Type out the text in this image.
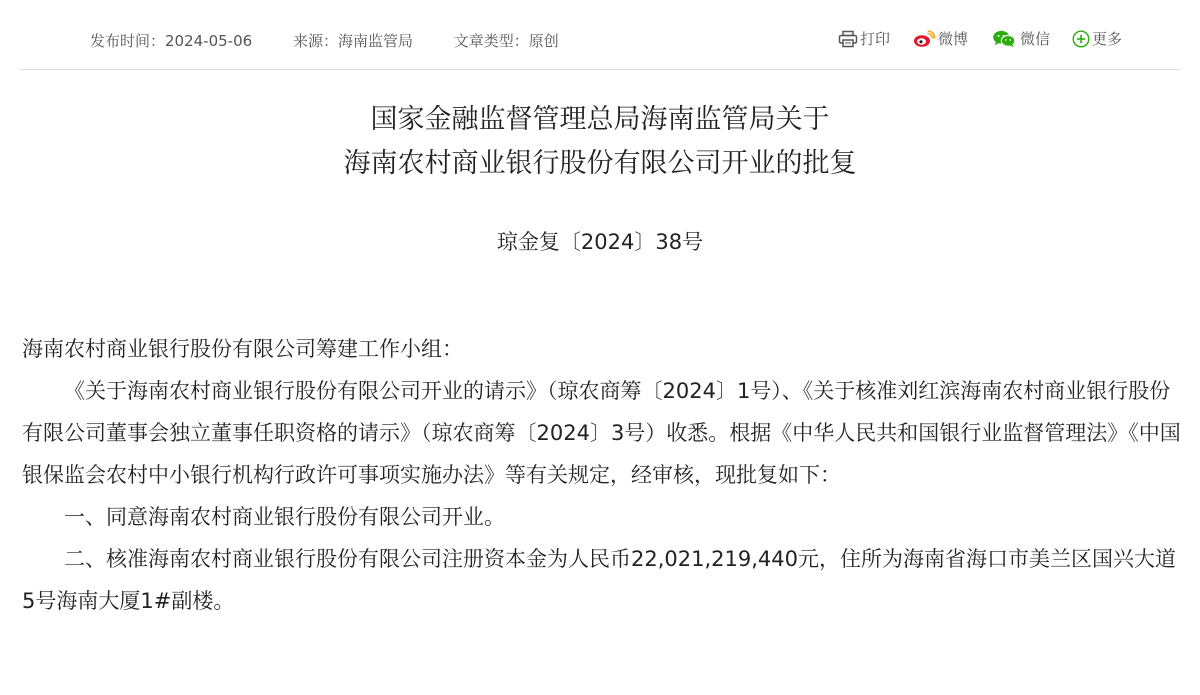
发布时间：2024-05-06	来源：海南监管局	文章类型：原创	打印	微博	微信	更多
国家金融监督管理总局海南监管局关于
海南农村商业银行股份有限公司开业的批复
琼金复〔2024〕38号

海南农村商业银行股份有限公司筹建工作小组：

《关于海南农村商业银行股份有限公司开业的请示》（琼农商筹〔2024〕1号）、《关于核准刘红滨海南农村商业银行股份有限公司董事会独立董事任职资格的请示》（琼农商筹〔2024〕3号）收悉。根据《中华人民共和国银行业监督管理法》《中国银保监会农村中小银行机构行政许可事项实施办法》等有关规定，经审核，现批复如下：

一、同意海南农村商业银行股份有限公司开业。

二、核准海南农村商业银行股份有限公司注册资本金为人民币22,021,219,440元，住所为海南省海口市美兰区国兴大道5号海南大厦1#副楼。
